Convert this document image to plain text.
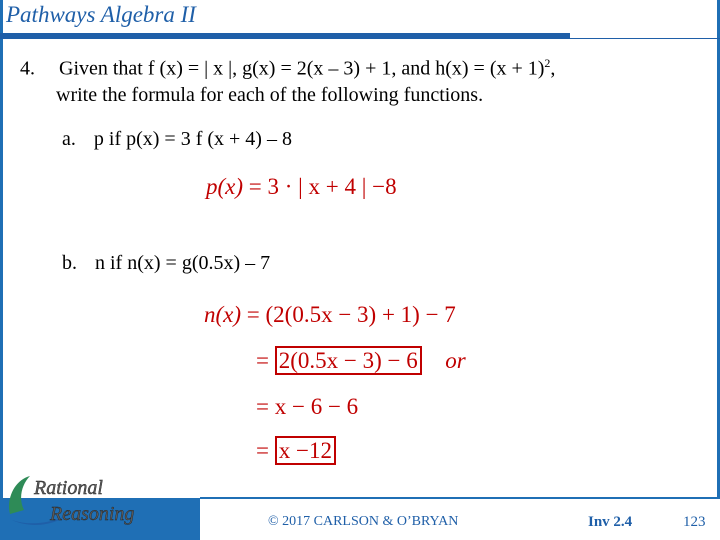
Pathways Algebra II
4. Given that f (x) = | x |, g(x) = 2(x – 3) + 1, and $h(x) = (x + 1)^2$,
write the formula for each of the following functions.
a. p if p(x) = 3 f (x + 4) – 8
p(x) = 3 · | x + 4 | −8
b. n if n(x) = g(0.5x) – 7
n(x) = (2(0.5x − 3) + 1) − 7
= 2(0.5x − 3) − 6 or
= x − 6 − 6
= x −12
Rational
Reasoning	© 2017 CARLSON & O’BRYAN	Inv 2.4	123
